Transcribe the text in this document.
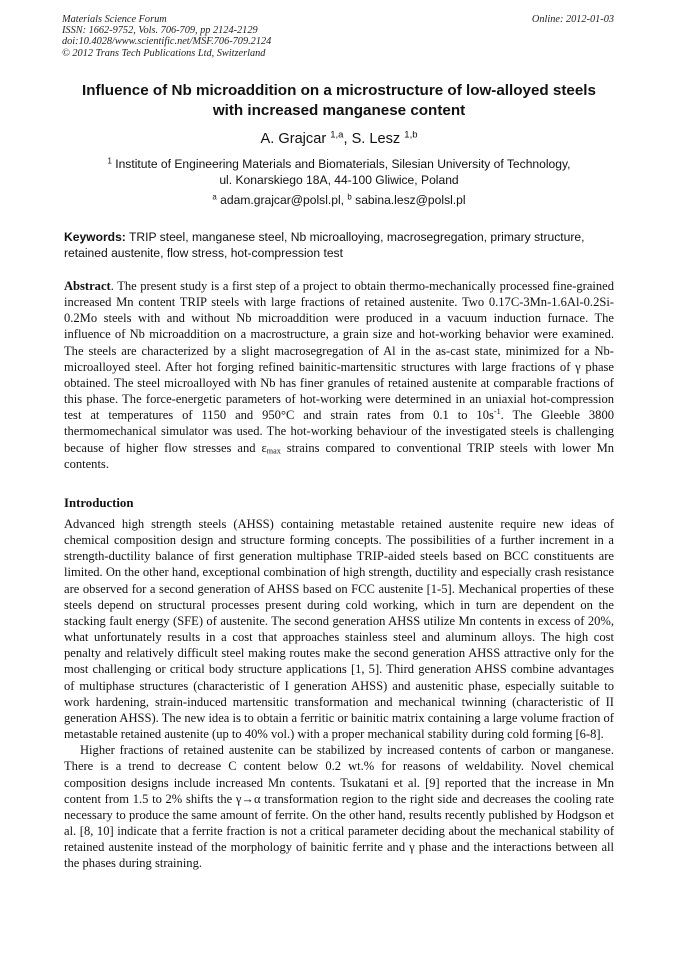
Materials Science Forum
ISSN: 1662-9752, Vols. 706-709, pp 2124-2129
doi:10.4028/www.scientific.net/MSF.706-709.2124
© 2012 Trans Tech Publications Ltd, Switzerland
Online: 2012-01-03
Influence of Nb microaddition on a microstructure of low-alloyed steels
with increased manganese content
A. Grajcar $^{1,a}$, S. Lesz $^{1,b}$
$^1$ Institute of Engineering Materials and Biomaterials, Silesian University of Technology,
ul. Konarskiego 18A, 44-100 Gliwice, Poland
$^a$ adam.grajcar@polsl.pl, $^b$ sabina.lesz@polsl.pl
Keywords: TRIP steel, manganese steel, Nb microalloying, macrosegregation, primary structure, retained austenite, flow stress, hot-compression test
Abstract. The present study is a first step of a project to obtain thermo-mechanically processed fine-grained increased Mn content TRIP steels with large fractions of retained austenite. Two 0.17C-3Mn-1.6Al-0.2Si-0.2Mo steels with and without Nb microaddition were produced in a vacuum induction furnace. The influence of Nb microaddition on a macrostructure, a grain size and hot-working behavior were examined. The steels are characterized by a slight macrosegregation of Al in the as-cast state, minimized for a Nb-microalloyed steel. After hot forging refined bainitic-martensitic structures with large fractions of γ phase obtained. The steel microalloyed with Nb has finer granules of retained austenite at comparable fractions of this phase. The force-energetic parameters of hot-working were determined in an uniaxial hot-compression test at temperatures of 1150 and 950°C and strain rates from 0.1 to $10s^{-1}$. The Gleeble 3800 thermomechanical simulator was used. The hot-working behaviour of the investigated steels is challenging because of higher flow stresses and $\varepsilon_{max}$ strains compared to conventional TRIP steels with lower Mn contents.
Introduction

Advanced high strength steels (AHSS) containing metastable retained austenite require new ideas of chemical composition design and structure forming concepts. The possibilities of a further increment in a strength-ductility balance of first generation multiphase TRIP-aided steels based on BCC constituents are limited. On the other hand, exceptional combination of high strength, ductility and especially crash resistance are observed for a second generation of AHSS based on FCC austenite [1-5]. Mechanical properties of these steels depend on structural processes present during cold working, which in turn are dependent on the stacking fault energy (SFE) of austenite. The second generation AHSS utilize Mn contents in excess of 20%, what unfortunately results in a cost that approaches stainless steel and aluminum alloys. The high cost penalty and relatively difficult steel making routes make the second generation AHSS attractive only for the most challenging or critical body structure applications [1, 5]. Third generation AHSS combine advantages of multiphase structures (characteristic of I generation AHSS) and austenitic phase, especially suitable to work hardening, strain-induced martensitic transformation and mechanical twinning (characteristic of II generation AHSS). The new idea is to obtain a ferritic or bainitic matrix containing a large volume fraction of metastable retained austenite (up to 40% vol.) with a proper mechanical stability during cold forming [6-8].

Higher fractions of retained austenite can be stabilized by increased contents of carbon or manganese. There is a trend to decrease C content below 0.2 wt.% for reasons of weldability. Novel chemical composition designs include increased Mn contents. Tsukatani et al. [9] reported that the increase in Mn content from 1.5 to 2% shifts the γ→α transformation region to the right side and decreases the cooling rate necessary to produce the same amount of ferrite. On the other hand, results recently published by Hodgson et al. [8, 10] indicate that a ferrite fraction is not a critical parameter deciding about the mechanical stability of retained austenite instead of the morphology of bainitic ferrite and γ phase and the interactions between all the phases during straining.
